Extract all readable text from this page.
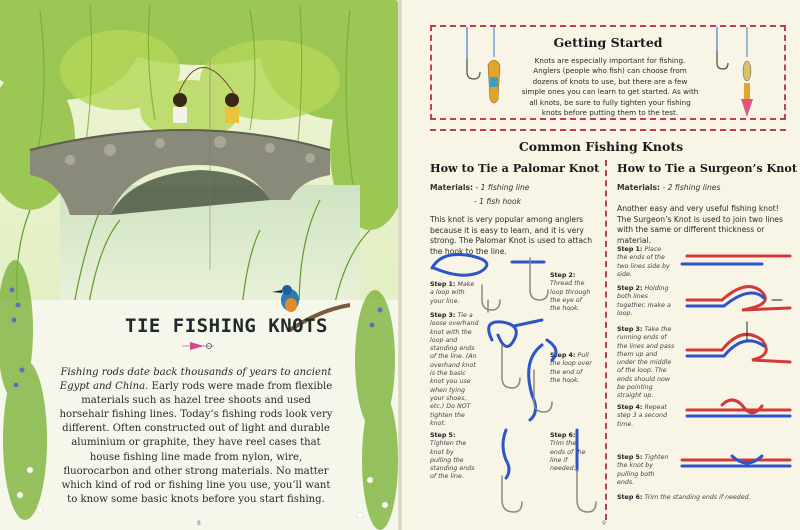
TIE FISHING KNOTS
Fishing rods date back thousands of years to ancient Egypt and China. Early rods were made from flexible materials such as hazel tree shoots and used horsehair fishing lines. Today’s fishing rods look very different. Often constructed out of light and durable aluminium or graphite, they have reel cases that house fishing line made from nylon, wire, fluorocarbon and other strong materials. No matter which kind of rod or fishing line you use, you’ll want to know some basic knots before you start fishing.
8
Getting Started
Knots are especially important for fishing. Anglers (people who fish) can choose from dozens of knots to use, but there are a few simple ones you can learn to get started. As with all knots, be sure to fully tighten your fishing knots before putting them to the test.
Common Fishing Knots
How to Tie a Palomar Knot
Materials: - 1 fishing line
- 1 fish hook
This knot is very popular among anglers because it is easy to learn, and it is very strong. The Palomar Knot is used to attach the hook to the line.
Step 1: Make a loop with your line.
Step 2: Thread the loop through the eye of the hook.
Step 3: Tie a loose overhand knot with the loop and standing ends of the line. (An overhand knot is the basic knot you use when tying your shoes, etc.) Do NOT tighten the knot.
Step 4: Pull the loop over the end of the hook.
Step 5: Tighten the knot by pulling the standing ends of the line.
Step 6: Trim the ends of the line if needed.
How to Tie a Surgeon’s Knot
Materials: - 2 fishing lines
Another easy and very useful fishing knot! The Surgeon’s Knot is used to join two lines with the same or different thickness or material.
Step 1: Place the ends of the two lines side by side.
Step 2: Holding both lines together, make a loop.
Step 3: Take the running ends of the lines and pass them up and under the middle of the loop. The ends should now be pointing straight up.
Step 4: Repeat step 3 a second time.
Step 5: Tighten the knot by pulling both ends.
Step 6: Trim the standing ends if needed.
9
